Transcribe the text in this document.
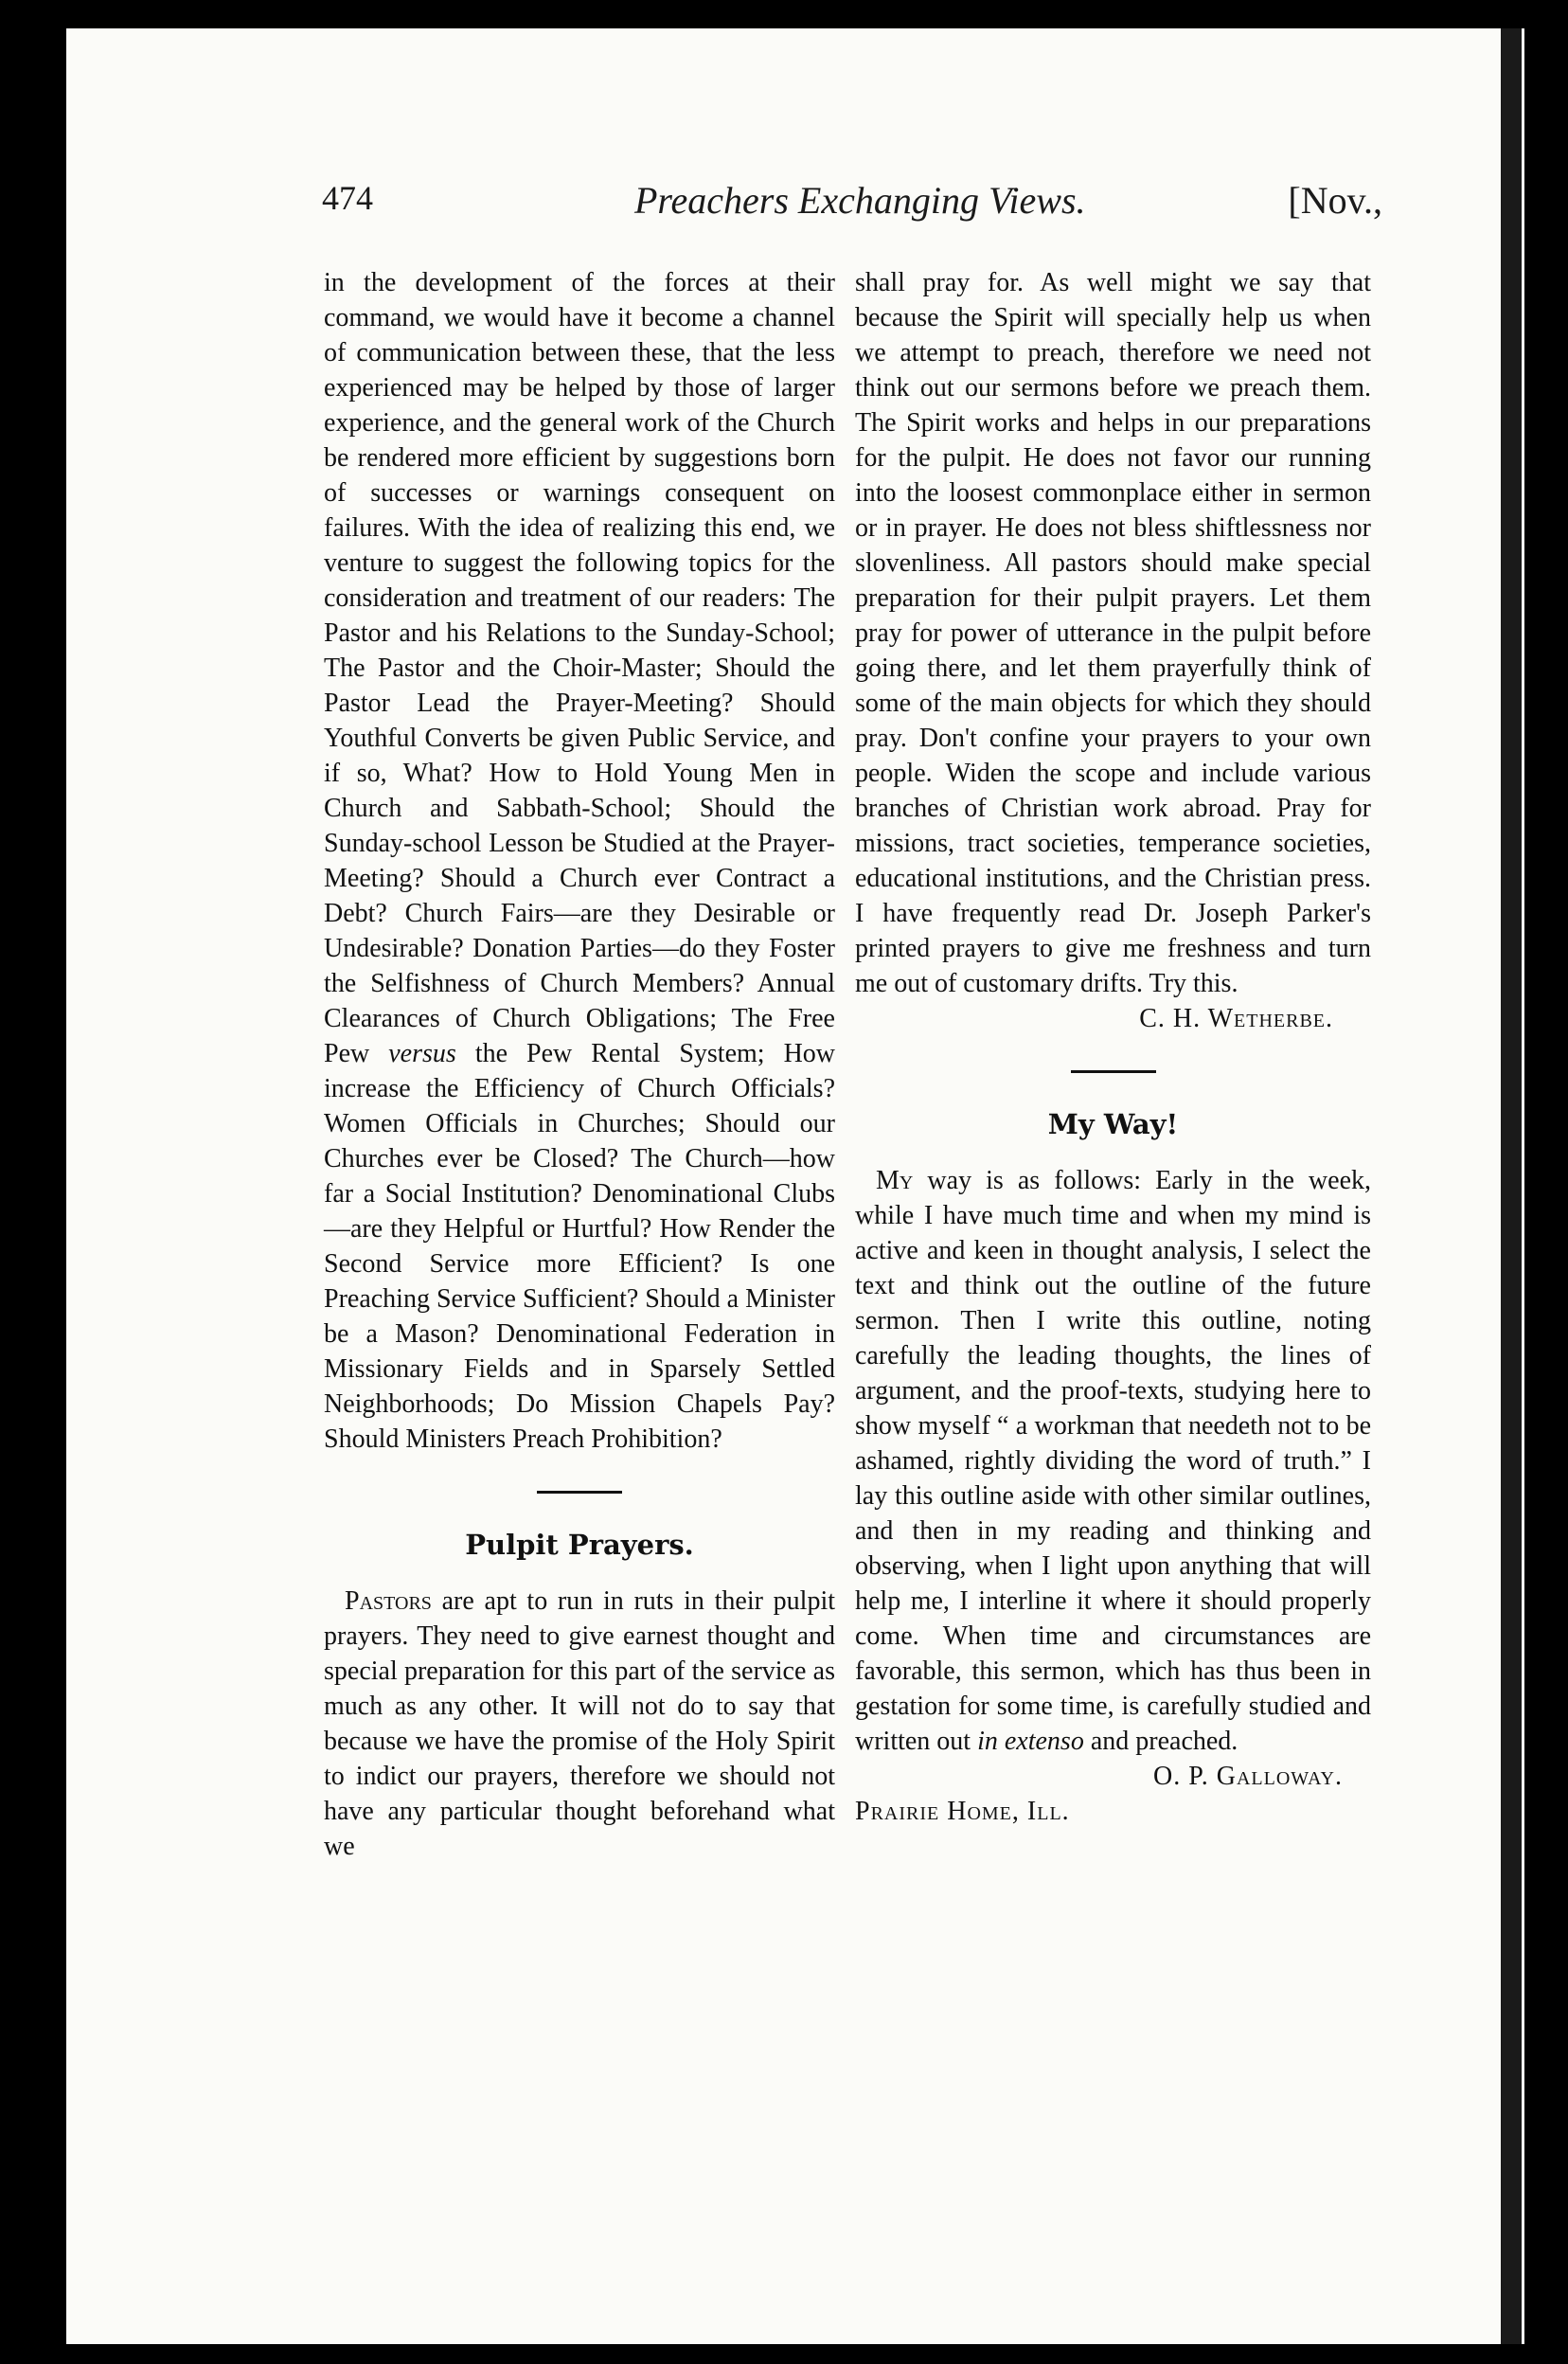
474	Preachers Exchanging Views.	[Nov.,

in the development of the forces at their command, we would have it become a channel of communication between these, that the less experienced may be helped by those of larger experience, and the general work of the Church be rendered more efficient by suggestions born of successes or warnings consequent on failures. With the idea of realizing this end, we venture to suggest the following topics for the consideration and treatment of our readers: The Pastor and his Relations to the Sunday-School; The Pastor and the Choir-Master; Should the Pastor Lead the Prayer-Meeting? Should Youthful Converts be given Public Service, and if so, What? How to Hold Young Men in Church and Sabbath-School; Should the Sunday-school Lesson be Studied at the Prayer-Meeting? Should a Church ever Contract a Debt? Church Fairs—are they Desirable or Undesirable? Donation Parties—do they Foster the Selfishness of Church Members? Annual Clearances of Church Obligations; The Free Pew versus the Pew Rental System; How increase the Efficiency of Church Officials? Women Officials in Churches; Should our Churches ever be Closed? The Church—how far a Social Institution? Denominational Clubs—are they Helpful or Hurtful? How Render the Second Service more Efficient? Is one Preaching Service Sufficient? Should a Minister be a Mason? Denominational Federation in Missionary Fields and in Sparsely Settled Neighborhoods; Do Mission Chapels Pay? Should Ministers Preach Prohibition?

Pulpit Prayers.

Pastors are apt to run in ruts in their pulpit prayers. They need to give earnest thought and special preparation for this part of the service as much as any other. It will not do to say that because we have the promise of the Holy Spirit to indict our prayers, therefore we should not have any particular thought beforehand what we

shall pray for. As well might we say that because the Spirit will specially help us when we attempt to preach, therefore we need not think out our sermons before we preach them. The Spirit works and helps in our preparations for the pulpit. He does not favor our running into the loosest commonplace either in sermon or in prayer. He does not bless shiftlessness nor slovenliness. All pastors should make special preparation for their pulpit prayers. Let them pray for power of utterance in the pulpit before going there, and let them prayerfully think of some of the main objects for which they should pray. Don't confine your prayers to your own people. Widen the scope and include various branches of Christian work abroad. Pray for missions, tract societies, temperance societies, educational institutions, and the Christian press. I have frequently read Dr. Joseph Parker's printed prayers to give me freshness and turn me out of customary drifts. Try this.

C. H. Wetherbe.
My Way!

My way is as follows: Early in the week, while I have much time and when my mind is active and keen in thought analysis, I select the text and think out the outline of the future sermon. Then I write this outline, noting carefully the leading thoughts, the lines of argument, and the proof-texts, studying here to show myself “ a workman that needeth not to be ashamed, rightly dividing the word of truth.” I lay this outline aside with other similar outlines, and then in my reading and thinking and observing, when I light upon anything that will help me, I interline it where it should properly come. When time and circumstances are favorable, this sermon, which has thus been in gestation for some time, is carefully studied and written out in extenso and preached.
O. P. Galloway.

Prairie Home, Ill.
